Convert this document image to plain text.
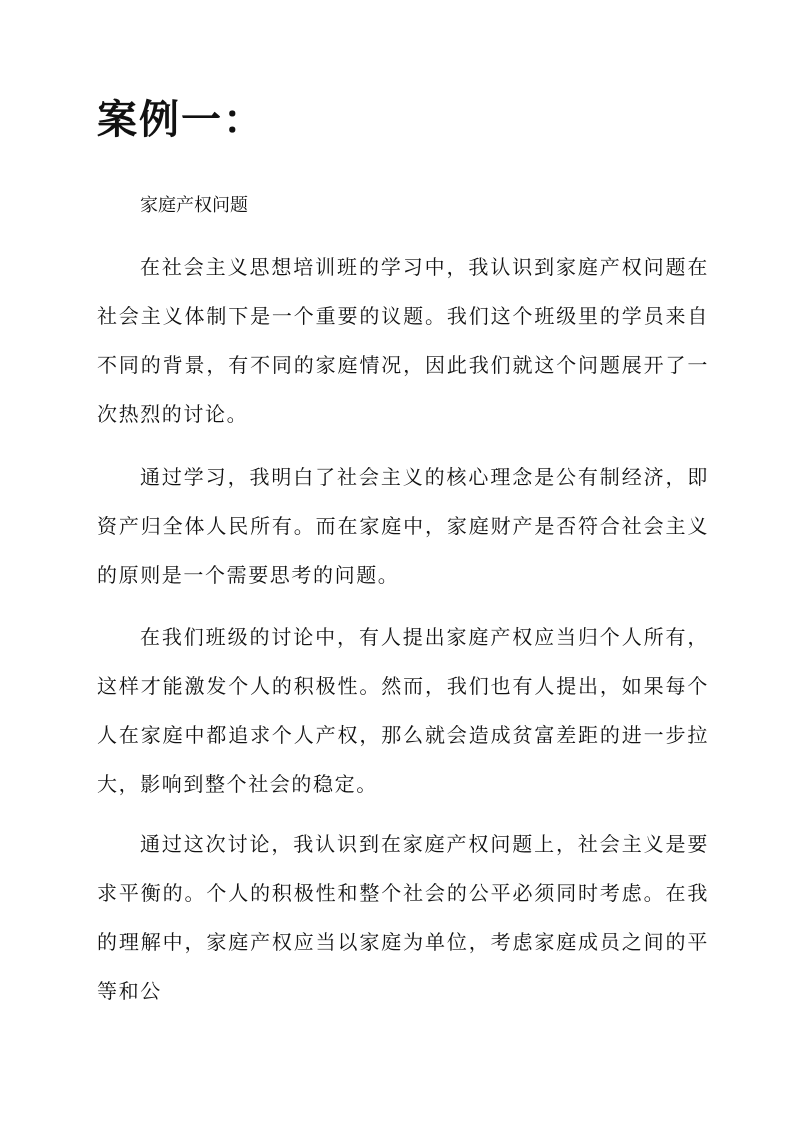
案例一：

家庭产权问题

在社会主义思想培训班的学习中，我认识到家庭产权问题在社会主义体制下是一个重要的议题。我们这个班级里的学员来自不同的背景，有不同的家庭情况，因此我们就这个问题展开了一次热烈的讨论。

通过学习，我明白了社会主义的核心理念是公有制经济，即资产归全体人民所有。而在家庭中，家庭财产是否符合社会主义的原则是一个需要思考的问题。

在我们班级的讨论中，有人提出家庭产权应当归个人所有，这样才能激发个人的积极性。然而，我们也有人提出，如果每个人在家庭中都追求个人产权，那么就会造成贫富差距的进一步拉大，影响到整个社会的稳定。

通过这次讨论，我认识到在家庭产权问题上，社会主义是要求平衡的。个人的积极性和整个社会的公平必须同时考虑。在我的理解中，家庭产权应当以家庭为单位，考虑家庭成员之间的平等和公
